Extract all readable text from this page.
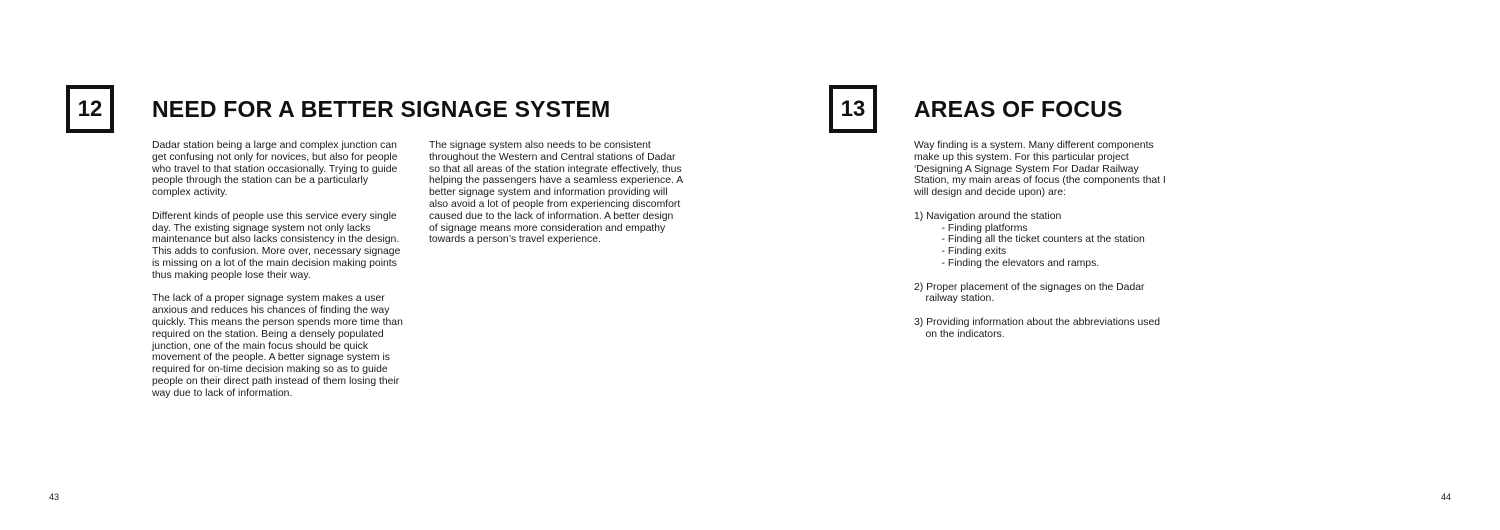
12	NEED FOR A BETTER SIGNAGE SYSTEM

Dadar station being a large and complex junction can
get confusing not only for novices, but also for people
who travel to that station occasionally. Trying to guide
people through the station can be a particularly
complex activity.

Different kinds of people use this service every single
day. The existing signage system not only lacks
maintenance but also lacks consistency in the design.
This adds to confusion. More over, necessary signage
is missing on a lot of the main decision making points
thus making people lose their way.

The lack of a proper signage system makes a user
anxious and reduces his chances of finding the way
quickly. This means the person spends more time than
required on the station. Being a densely populated
junction, one of the main focus should be quick
movement of the people. A better signage system is
required for on-time decision making so as to guide
people on their direct path instead of them losing their
way due to lack of information.

The signage system also needs to be consistent
throughout the Western and Central stations of Dadar
so that all areas of the station integrate effectively, thus
helping the passengers have a seamless experience. A
better signage system and information providing will
also avoid a lot of people from experiencing discomfort
caused due to the lack of information. A better design
of signage means more consideration and empathy
towards a person’s travel experience.

43
13	AREAS OF FOCUS

Way finding is a system. Many different components
make up this system. For this particular project
‘Designing A Signage System For Dadar Railway
Station, my main areas of focus (the components that I
will design and decide upon) are:

1) Navigation around the station
- Finding platforms
- Finding all the ticket counters at the station
- Finding exits
- Finding the elevators and ramps.
2) Proper placement of the signages on the Dadar
railway station.
3) Providing information about the abbreviations used
on the indicators.
44
